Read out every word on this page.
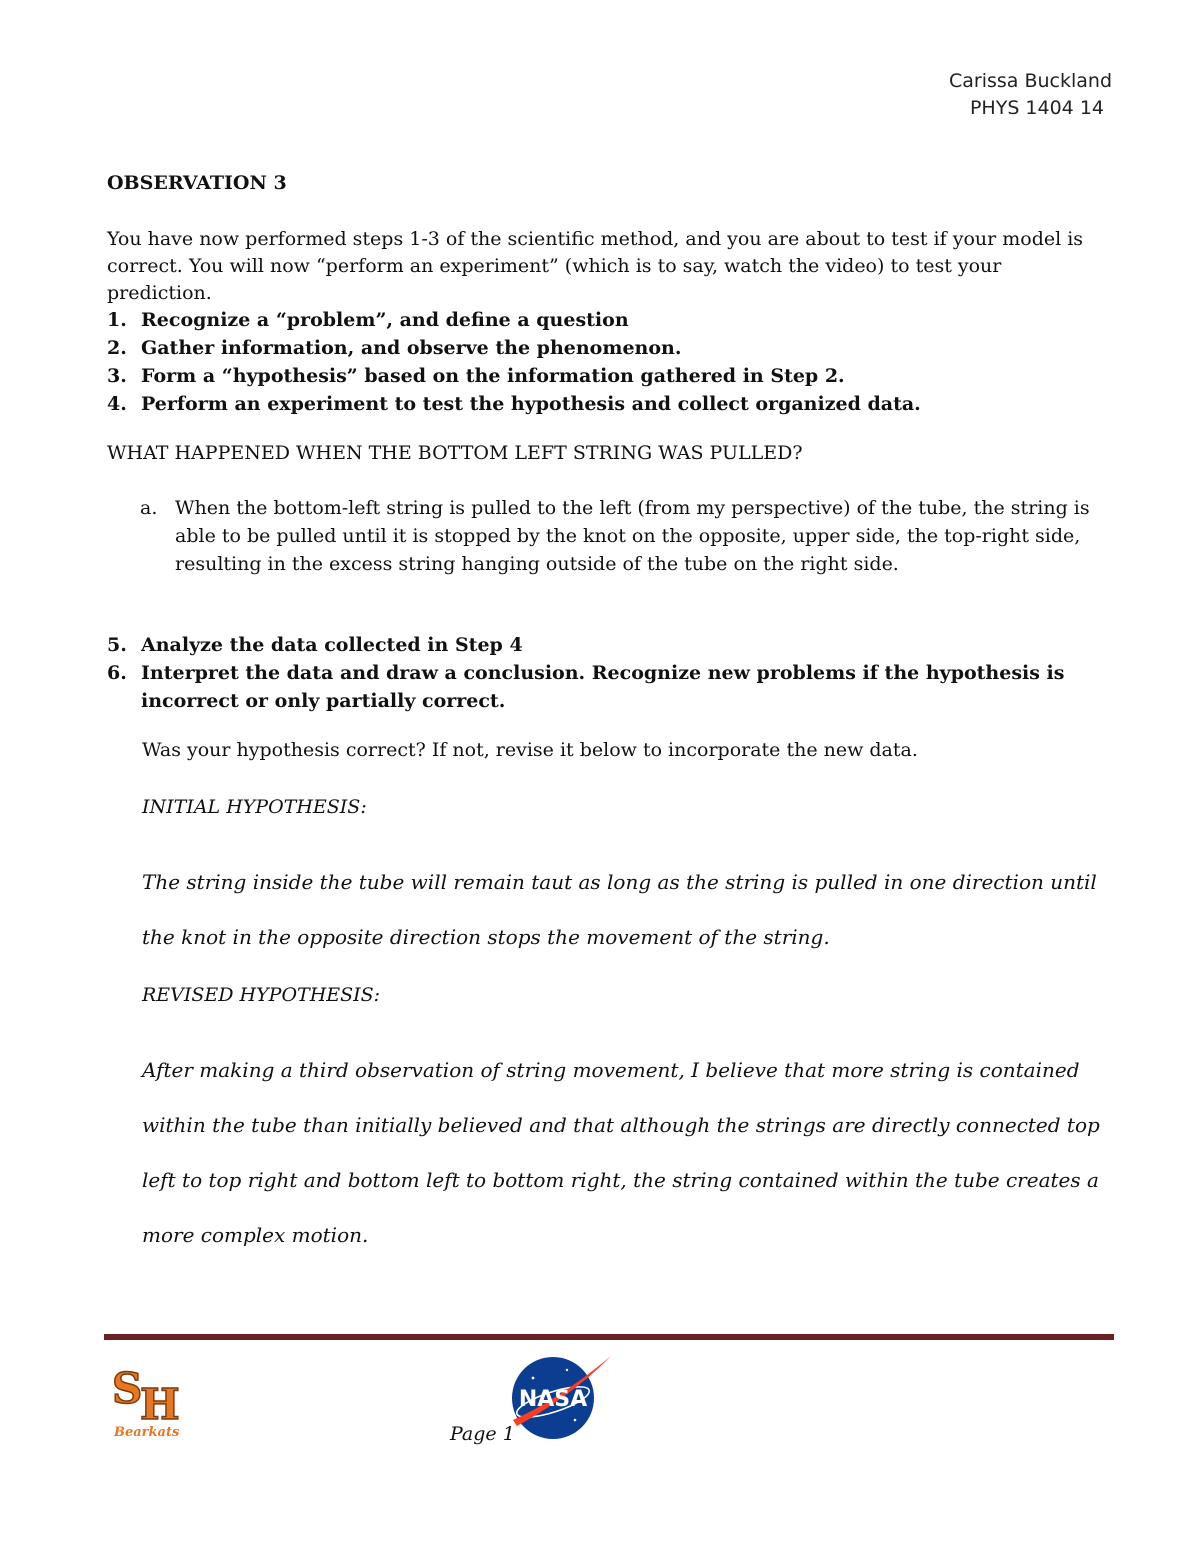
Carissa Buckland
PHYS 1404 14
OBSERVATION 3
You have now performed steps 1-3 of the scientific method, and you are about to test if your model is correct. You will now “perform an experiment” (which is to say, watch the video) to test your prediction.
1. Recognize a “problem”, and define a question
2. Gather information, and observe the phenomenon.
3. Form a “hypothesis” based on the information gathered in Step 2.
4. Perform an experiment to test the hypothesis and collect organized data.
WHAT HAPPENED WHEN THE BOTTOM LEFT STRING WAS PULLED?
a. When the bottom-left string is pulled to the left (from my perspective) of the tube, the string is able to be pulled until it is stopped by the knot on the opposite, upper side, the top-right side, resulting in the excess string hanging outside of the tube on the right side.
5. Analyze the data collected in Step 4
6. Interpret the data and draw a conclusion. Recognize new problems if the hypothesis is incorrect or only partially correct.
Was your hypothesis correct? If not, revise it below to incorporate the new data.
INITIAL HYPOTHESIS:
The string inside the tube will remain taut as long as the string is pulled in one direction until the knot in the opposite direction stops the movement of the string.
REVISED HYPOTHESIS:
After making a third observation of string movement, I believe that more string is contained within the tube than initially believed and that although the strings are directly connected top left to top right and bottom left to bottom right, the string contained within the tube creates a more complex motion.
S
H
Bearkats	Page 1
NASA
